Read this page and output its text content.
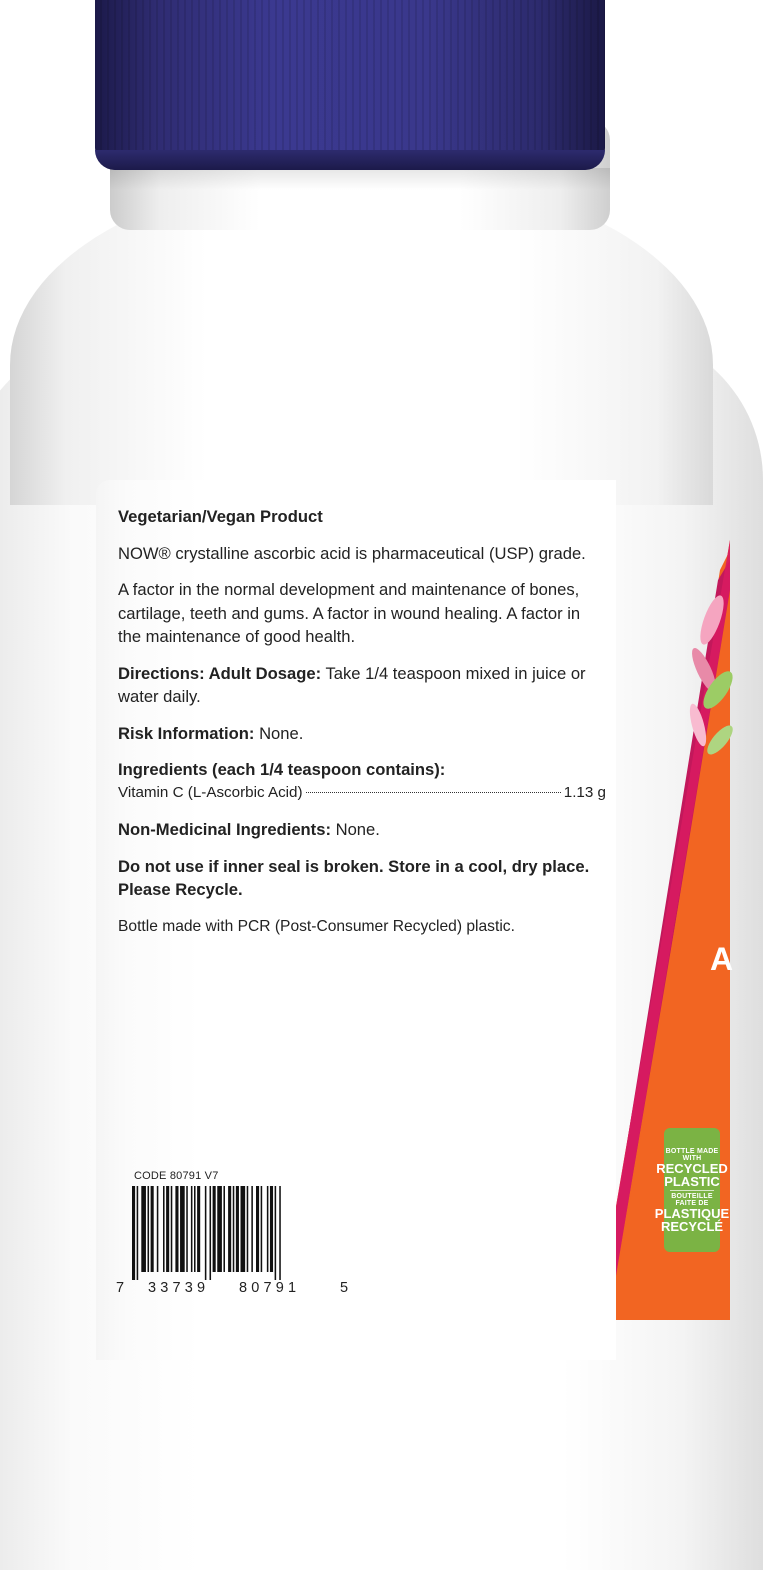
A
BOTTLE MADE WITH
RECYCLED
PLASTIC
BOUTEILLE FAITE DE
PLASTIQUE
RECYCLÉ

Vegetarian/Vegan Product

NOW® crystalline ascorbic acid is pharmaceutical (USP) grade.

A factor in the normal development and maintenance of bones, cartilage, teeth and gums. A factor in wound healing. A factor in the maintenance of good health.

Directions: Adult Dosage: Take 1/4 teaspoon mixed in juice or water daily.

Risk Information: None.

Ingredients (each 1/4 teaspoon contains):

Vitamin C (L-Ascorbic Acid)	1.13 g

Non-Medicinal Ingredients: None.

Do not use if inner seal is broken. Store in a cool, dry place. Please Recycle.

Bottle made with PCR (Post-Consumer Recycled) plastic.

CODE 80791 V7
7 33739 80791	5
